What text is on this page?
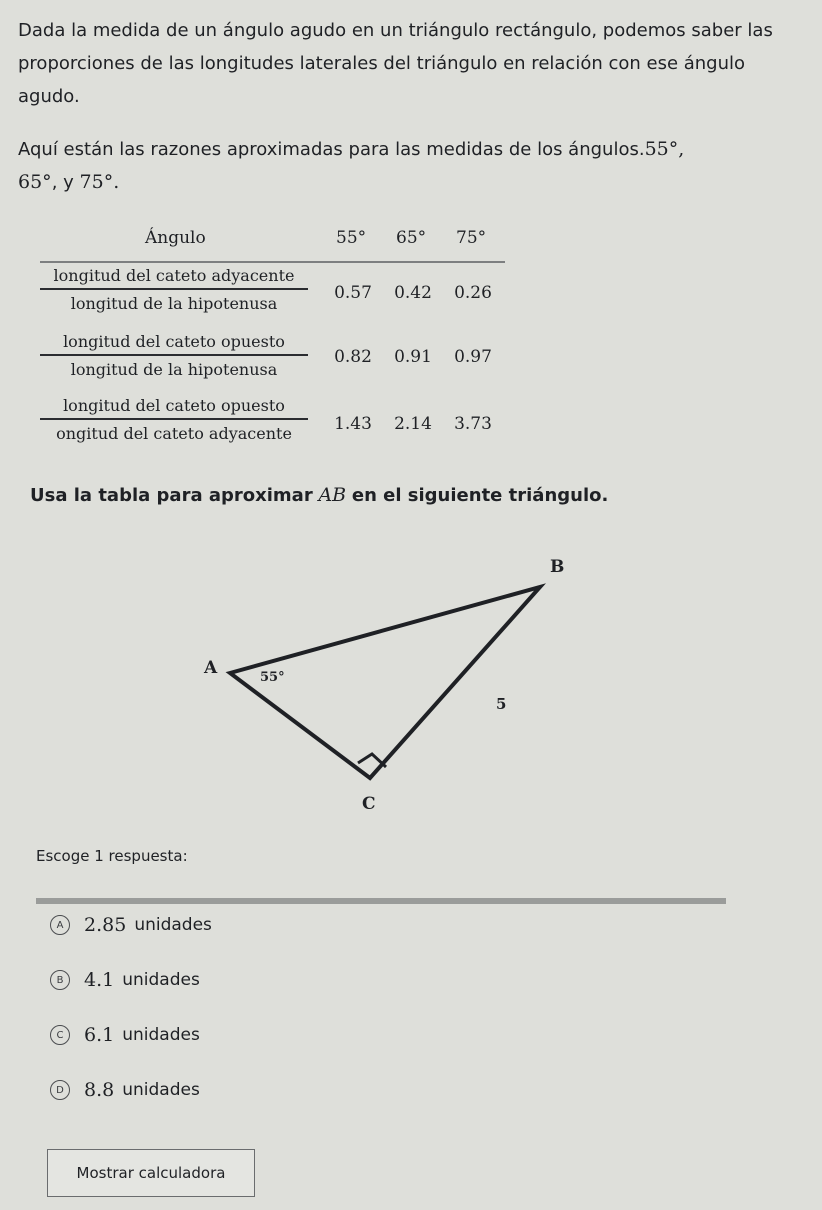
Dada la medida de un ángulo agudo en un triángulo rectángulo, podemos saber las proporciones de las longitudes laterales del triángulo en relación con ese ángulo agudo.

Aquí están las razones aproximadas para las medidas de los ángulos.55°,
65°, y 75°.

Ángulo	55° 65° 75°
longitud del cateto adyacente
longitud de la hipotenusa
0.57	0.42	0.26
longitud del cateto opuesto
longitud de la hipotenusa
0.82	0.91	0.97
longitud del cateto opuesto
ongitud del cateto adyacente	1.43	2.14	3.73

Usa la tabla para aproximar AB en el siguiente triángulo.

A
B
C
55°
5
Escoge 1 respuesta:
A	2.85 unidades
B	4.1 unidades
C	6.1 unidades
D	8.8 unidades
Mostrar calculadora
